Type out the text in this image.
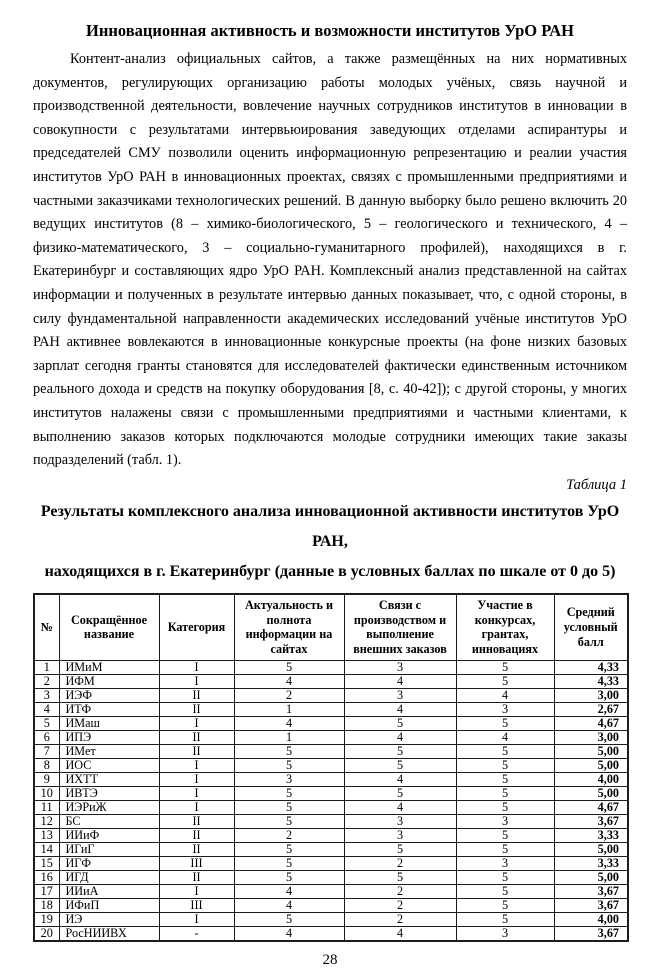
Инновационная активность и возможности институтов УрО РАН

Контент-анализ официальных сайтов, а также размещённых на них нормативных документов, регулирующих организацию работы молодых учёных, связь научной и производственной деятельности, вовлечение научных сотрудников институтов в инновации в совокупности с результатами интервьюирования заведующих отделами аспирантуры и председателей СМУ позволили оценить информационную репрезентацию и реалии участия институтов УрО РАН в инновационных проектах, связях с промышленными предприятиями и частными заказчиками технологических решений. В данную выборку было решено включить 20 ведущих институтов (8 – химико-биологического, 5 – геологического и технического, 4 – физико-математического, 3 – социально-гуманитарного профилей), находящихся в г. Екатеринбург и составляющих ядро УрО РАН. Комплексный анализ представленной на сайтах информации и полученных в результате интервью данных показывает, что, с одной стороны, в силу фундаментальной направленности академических исследований учёные институтов УрО РАН активнее вовлекаются в инновационные конкурсные проекты (на фоне низких базовых зарплат сегодня гранты становятся для исследователей фактически единственным источником реального дохода и средств на покупку оборудования [8, с. 40-42]); с другой стороны, у многих институтов налажены связи с промышленными предприятиями и частными клиентами, к выполнению заказов которых подключаются молодые сотрудники имеющих такие заказы подразделений (табл. 1).

Таблица 1
Результаты комплексного анализа инновационной активности институтов УрО РАН,
находящихся в г. Екатеринбург (данные в условных баллах по шкале от 0 до 5)
№	Сокращённое название	Категория	Актуальность и полнота информации на сайтах	Связи с производством и выполнение внешних заказов	Участие в конкурсах, грантах, инновациях	Средний условный балл
1	ИМиМ	I	5	3	5	4,33
2	ИФМ	I	4	4	5	4,33
3	ИЭФ	II	2	3	4	3,00
4	ИТФ	II	1	4	3	2,67
5	ИМаш	I	4	5	5	4,67
6	ИПЭ	II	1	4	4	3,00
7	ИМет	II	5	5	5	5,00
8	ИОС	I	5	5	5	5,00
9	ИХТТ	I	3	4	5	4,00
10	ИВТЭ	I	5	5	5	5,00
11	ИЭРиЖ	I	5	4	5	4,67
12	БС	II	5	3	3	3,67
13	ИИиФ	II	2	3	5	3,33
14	ИГиГ	II	5	5	5	5,00
15	ИГФ	III	5	2	3	3,33
16	ИГД	II	5	5	5	5,00
17	ИИиА	I	4	2	5	3,67
18	ИФиП	III	4	2	5	3,67
19	ИЭ	I	5	2	5	4,00
20	РосНИИВХ	-	4	4	3	3,67
28
